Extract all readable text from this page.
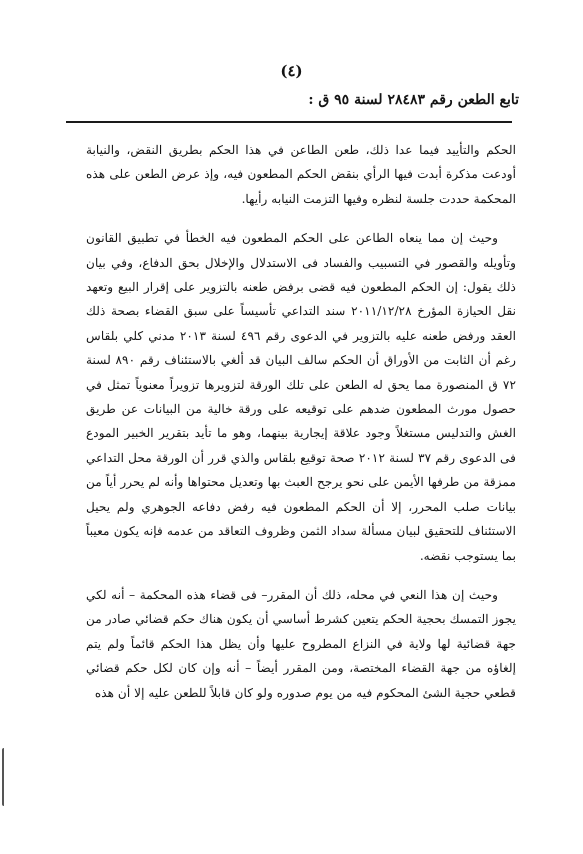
(٤)
تابع الطعن رقم ٢٨٤٨٣ لسنة ٩٥ ق :

الحكم والتأييد فيما عدا ذلك، طعن الطاعن في هذا الحكم بطريق النقض، والنيابة أودعت مذكرة أبدت فيها الرأي بنقض الحكم المطعون فيه، وإذ عرض الطعن على هذه المحكمة حددت جلسة لنظره وفيها التزمت النيابه رأيها.

وحيث إن مما ينعاه الطاعن على الحكم المطعون فيه الخطأ في تطبيق القانون وتأويله والقصور في التسبيب والفساد فى الاستدلال والإخلال بحق الدفاع، وفي بيان ذلك يقول: إن الحكم المطعون فيه قضى برفض طعنه بالتزوير على إقرار البيع وتعهد نقل الحيازة المؤرخ ٢٠١١/١٢/٢٨ سند التداعي تأسيساً على سبق القضاء بصحة ذلك العقد ورفض طعنه عليه بالتزوير في الدعوى رقم ٤٩٦ لسنة ٢٠١٣ مدني كلي بلقاس رغم أن الثابت من الأوراق أن الحكم سالف البيان قد ألغي بالاستئناف رقم ٨٩٠ لسنة ٧٢ ق المنصورة مما يحق له الطعن على تلك الورقة لتزويرها تزويراً معنوياً تمثل في حصول مورث المطعون ضدهم على توقيعه على ورقة خالية من البيانات عن طريق الغش والتدليس مستغلاً وجود علاقة إيجارية بينهما، وهو ما تأيد بتقرير الخبير المودع فى الدعوى رقم ٣٧ لسنة ٢٠١٢ صحة توقيع بلقاس والذي قرر أن الورقة محل التداعي ممزقة من طرفها الأيمن على نحو يرجح العبث بها وتعديل محتواها وأنه لم يحرر أياً من بيانات صلب المحرر، إلا أن الحكم المطعون فيه رفض دفاعه الجوهري ولم يحيل الاستئناف للتحقيق لبيان مسألة سداد الثمن وظروف التعاقد من عدمه فإنه يكون معيباً بما يستوجب نقضه.

وحيث إن هذا النعي في محله، ذلك أن المقرر– فى قضاء هذه المحكمة – أنه لكي يجوز التمسك بحجية الحكم يتعين كشرط أساسي أن يكون هناك حكم قضائي صادر من جهة قضائية لها ولاية في النزاع المطروح عليها وأن يظل هذا الحكم قائماً ولم يتم إلغاؤه من جهة القضاء المختصة، ومن المقرر أيضاً – أنه وإن كان لكل حكم قضائي قطعي حجية الشئ المحكوم فيه من يوم صدوره ولو كان قابلاً للطعن عليه إلا أن هذه
